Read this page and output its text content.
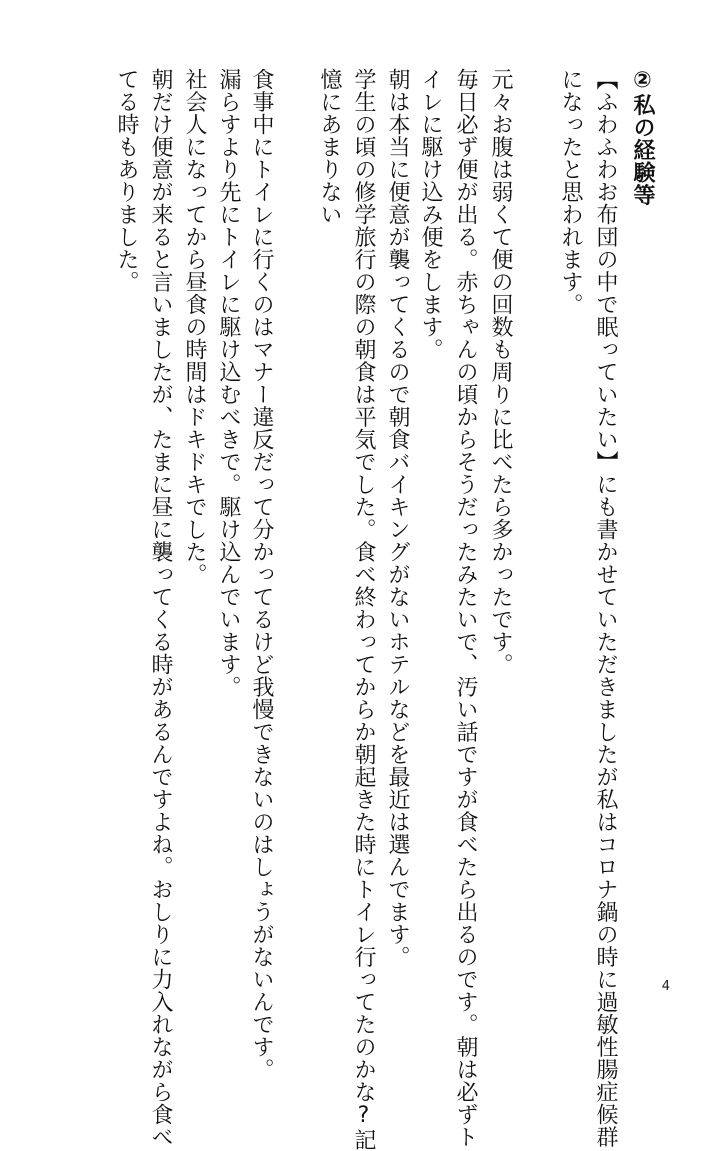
②私の経験等
【ふわふわお布団の中で眠っていたい】にも書かせていただきましたが私はコロナ鍋の時に過敏性腸症候群
になったと思われます。
元々お腹は弱くて便の回数も周りに比べたら多かったです。
毎日必ず便が出る。赤ちゃんの頃からそうだったみたいで、汚い話ですが食べたら出るのです。朝は必ずト
イレに駆け込み便をします。
朝は本当に便意が襲ってくるので朝食バイキングがないホテルなどを最近は選んでます。
学生の頃の修学旅行の際の朝食は平気でした。食べ終わってからか朝起きた時にトイレ行ってたのかな?記
憶にあまりない
食事中にトイレに行くのはマナー違反だって分かってるけど我慢できないのはしょうがないんです。
漏らすより先にトイレに駆け込むべきで。駆け込んでいます。
社会人になってから昼食の時間はドキドキでした。
朝だけ便意が来ると言いましたが、たまに昼に襲ってくる時があるんですよね。おしりに力入れながら食べ
てる時もありました。
4
